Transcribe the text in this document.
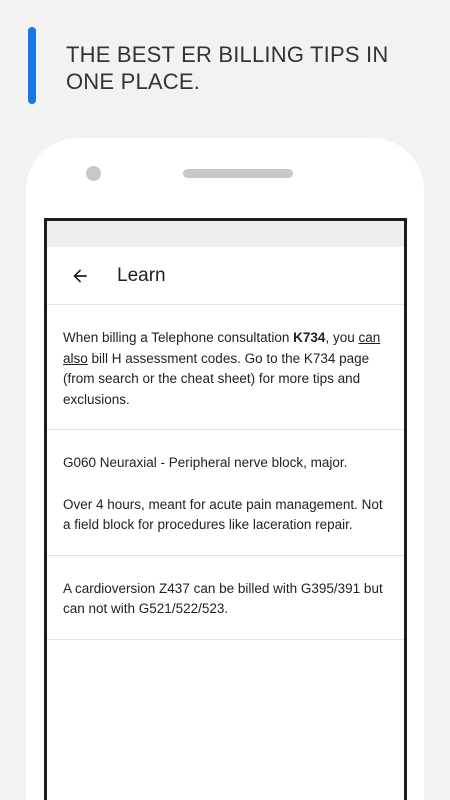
THE BEST ER BILLING TIPS IN
ONE PLACE.
Learn

When billing a Telephone consultation K734, you can also bill H assessment codes. Go to the K734 page (from search or the cheat sheet) for more tips and exclusions.

G060 Neuraxial - Peripheral nerve block, major.

Over 4 hours, meant for acute pain management. Not a field block for procedures like laceration repair.

A cardioversion Z437 can be billed with G395/391 but can not with G521/522/523.
